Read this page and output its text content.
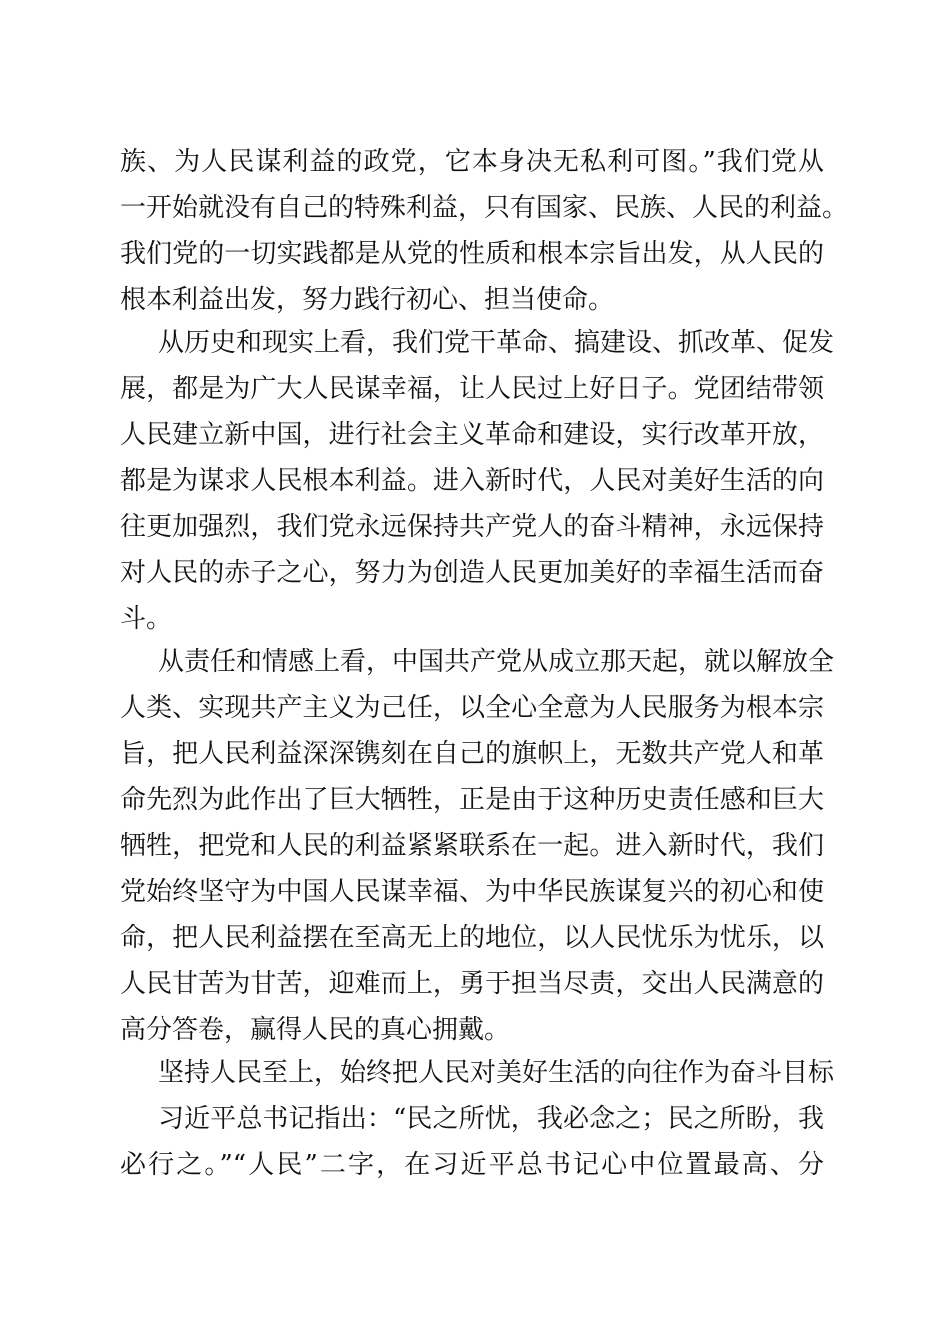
族、为人民谋利益的政党，它本身决无私利可图。”我们党从
一开始就没有自己的特殊利益，只有国家、民族、人民的利益。
我们党的一切实践都是从党的性质和根本宗旨出发，从人民的
根本利益出发，努力践行初心、担当使命。
从历史和现实上看，我们党干革命、搞建设、抓改革、促发
展，都是为广大人民谋幸福，让人民过上好日子。党团结带领
人民建立新中国，进行社会主义革命和建设，实行改革开放，
都是为谋求人民根本利益。进入新时代，人民对美好生活的向
往更加强烈，我们党永远保持共产党人的奋斗精神，永远保持
对人民的赤子之心，努力为创造人民更加美好的幸福生活而奋
斗。
从责任和情感上看，中国共产党从成立那天起，就以解放全
人类、实现共产主义为己任，以全心全意为人民服务为根本宗
旨，把人民利益深深镌刻在自己的旗帜上，无数共产党人和革
命先烈为此作出了巨大牺牲，正是由于这种历史责任感和巨大
牺牲，把党和人民的利益紧紧联系在一起。进入新时代，我们
党始终坚守为中国人民谋幸福、为中华民族谋复兴的初心和使
命，把人民利益摆在至高无上的地位，以人民忧乐为忧乐，以
人民甘苦为甘苦，迎难而上，勇于担当尽责，交出人民满意的
高分答卷，赢得人民的真心拥戴。
坚持人民至上，始终把人民对美好生活的向往作为奋斗目标
习近平总书记指出：“民之所忧，我必念之；民之所盼，我
必行之。”“人民”二字，在习近平总书记心中位置最高、分
